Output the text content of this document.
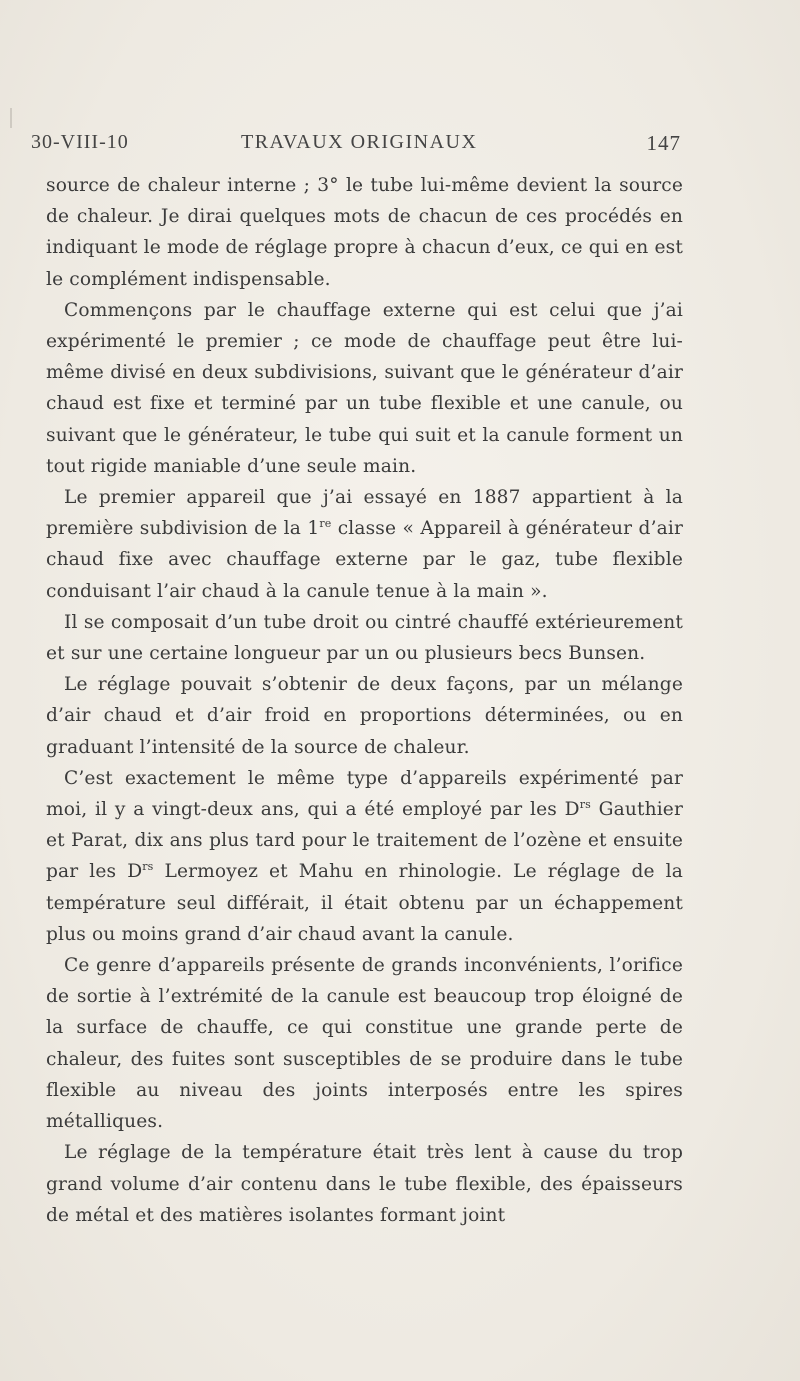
30-VIII-10	TRAVAUX ORIGINAUX	147

source de chaleur interne ; 3° le tube lui-même devient la source de chaleur. Je dirai quelques mots de chacun de ces procédés en indiquant le mode de réglage propre à chacun d’eux, ce qui en est le complément indispensable.

Commençons par le chauffage externe qui est celui que j’ai expérimenté le premier ; ce mode de chauffage peut être lui-même divisé en deux subdivisions, suivant que le générateur d’air chaud est fixe et terminé par un tube flexible et une canule, ou suivant que le générateur, le tube qui suit et la canule forment un tout rigide maniable d’une seule main.

Le premier appareil que j’ai essayé en 1887 appartient à la première subdivision de la 1re classe « Appareil à générateur d’air chaud fixe avec chauffage externe par le gaz, tube flexible conduisant l’air chaud à la canule tenue à la main ».

Il se composait d’un tube droit ou cintré chauffé extérieurement et sur une certaine longueur par un ou plusieurs becs Bunsen.

Le réglage pouvait s’obtenir de deux façons, par un mélange d’air chaud et d’air froid en proportions déterminées, ou en graduant l’intensité de la source de chaleur.

C’est exactement le même type d’appareils expérimenté par moi, il y a vingt-deux ans, qui a été employé par les $D^{rs}$ Gauthier et Parat, dix ans plus tard pour le traitement de l’ozène et ensuite par les $D^{rs}$ Lermoyez et Mahu en rhinologie. Le réglage de la température seul différait, il était obtenu par un échappement plus ou moins grand d’air chaud avant la canule.

Ce genre d’appareils présente de grands inconvénients, l’orifice de sortie à l’extrémité de la canule est beaucoup trop éloigné de la surface de chauffe, ce qui constitue une grande perte de chaleur, des fuites sont susceptibles de se produire dans le tube flexible au niveau des joints interposés entre les spires métalliques.

Le réglage de la température était très lent à cause du trop grand volume d’air contenu dans le tube flexible, des épaisseurs de métal et des matières isolantes formant joint
